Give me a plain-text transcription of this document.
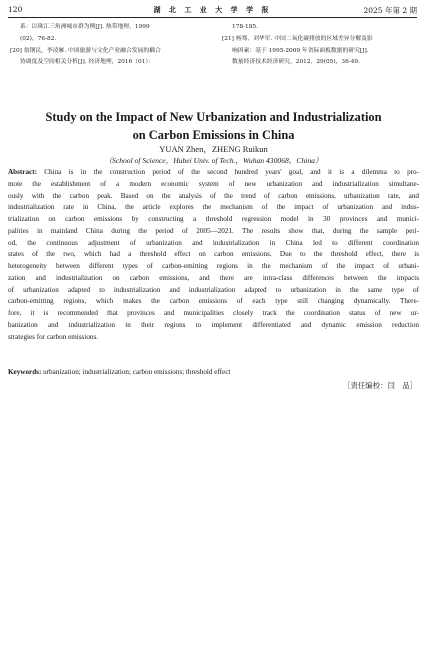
120	湖 北 工 业 大 学 学 报	2025 年第 2 期
系：以珠江三角洲城市群为例[J]. 热带地理，1999
(02)，76-82.
[20] 翁钢民，李凌雁. 中国旅游与文化产业融合发展的耦合
协调度及空间相关分析[J]. 经济地理，2016（01）：
178-185.
[21] 杨骞，刘华军. 中国二氧化碳排放的区域差异分解及影
响因素：基于 1995-2009 年省际面板数据的研究[J].
数量经济技术经济研究，2012，29(05)，36-49.
Study on the Impact of New Urbanization and Industrialization
on Carbon Emissions in China
YUAN Zhen，ZHENG Ruikun
（School of Science，Hubei Univ. of Tech.，Wuhan 430068，China）
Abstract: China is in the construction period of the second hundred years' goal, and it is a dilemma to pro-
mote the establishment of a modern economic system of new urbanization and industrialization simultane-
ously with the carbon peak. Based on the analysis of the trend of carbon emissions, urbanization rate, and
industrialization rate in China, the article explores the mechanism of the impact of urbanization and indus-
trialization on carbon emissions by constructing a threshold regression model in 30 provinces and munici-
palities in mainland China during the period of 2005—2021. The results show that, during the sample peri-
od, the continuous adjustment of urbanization and industrialization in China led to different coordination
states of the two, which had a threshold effect on carbon emissions. Due to the threshold effect, there is
heterogeneity between different types of carbon-emitting regions in the mechanism of the impact of urbani-
zation and industrialization on carbon emissions, and there are intra-class differences between the impacts
of urbanization adapted to industrialization and industrialization adapted to urbanization in the same type of
carbon-emitting regions, which makes the carbon emissions of each type still changing dynamically. There-
fore, it is recommended that provinces and municipalities closely track the coordination status of new ur-
banization and industrialization in their regions to implement differentiated and dynamic emission reduction
strategies for carbon emissions.
Keywords: urbanization; industrialization; carbon emissions; threshold effect
［责任编校：闫　品］
